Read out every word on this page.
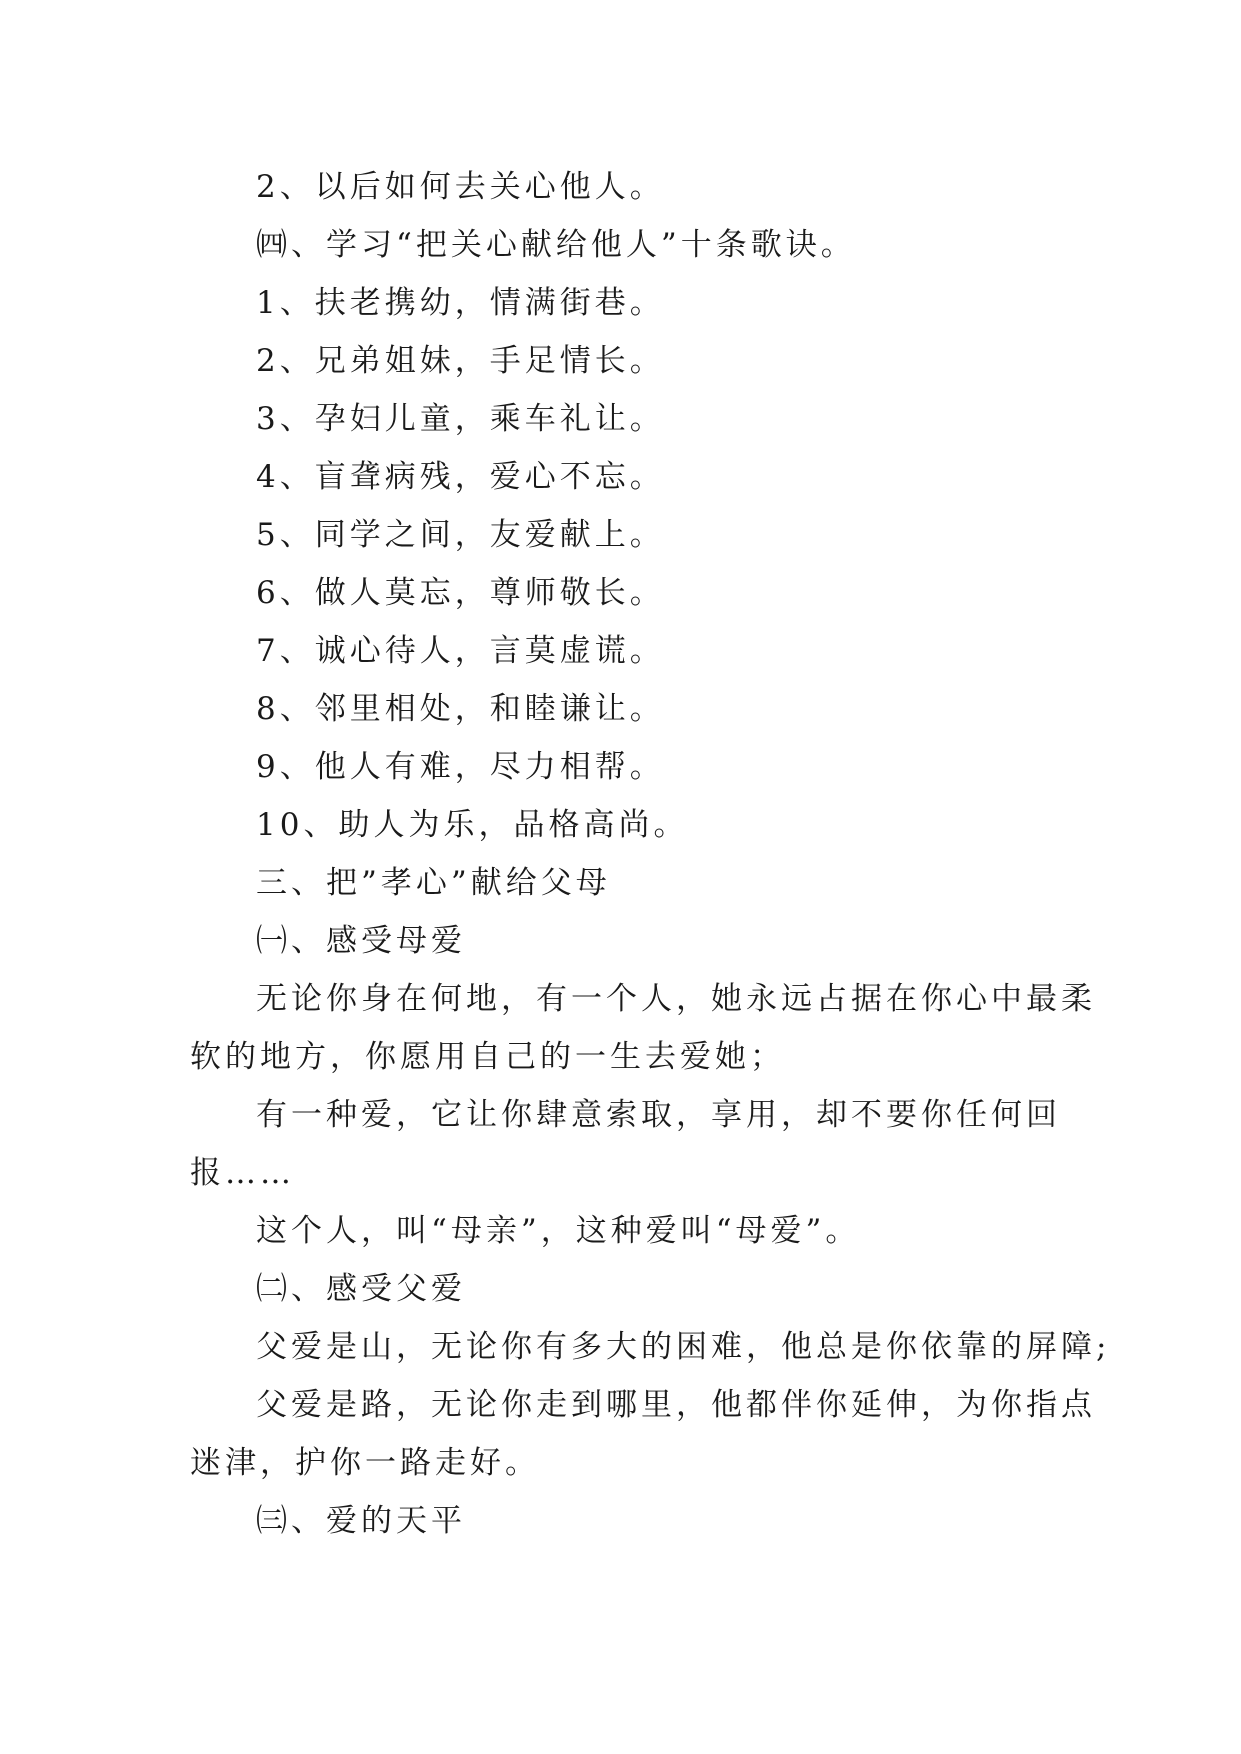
2、以后如何去关心他人。
㈣、学习“把关心献给他人”十条歌诀。
1、扶老携幼，情满街巷。
2、兄弟姐妹，手足情长。
3、孕妇儿童，乘车礼让。
4、盲聋病残，爱心不忘。
5、同学之间，友爱献上。
6、做人莫忘，尊师敬长。
7、诚心待人，言莫虚谎。
8、邻里相处，和睦谦让。
9、他人有难，尽力相帮。
10、助人为乐，品格高尚。
三、把”孝心”献给父母
㈠、感受母爱
无论你身在何地，有一个人，她永远占据在你心中最柔
软的地方，你愿用自己的一生去爱她；
有一种爱，它让你肆意索取，享用，却不要你任何回
报……
这个人，叫“母亲”，这种爱叫“母爱”。
㈡、感受父爱
父爱是山，无论你有多大的困难，他总是你依靠的屏障;
父爱是路，无论你走到哪里，他都伴你延伸，为你指点
迷津，护你一路走好。
㈢、爱的天平
